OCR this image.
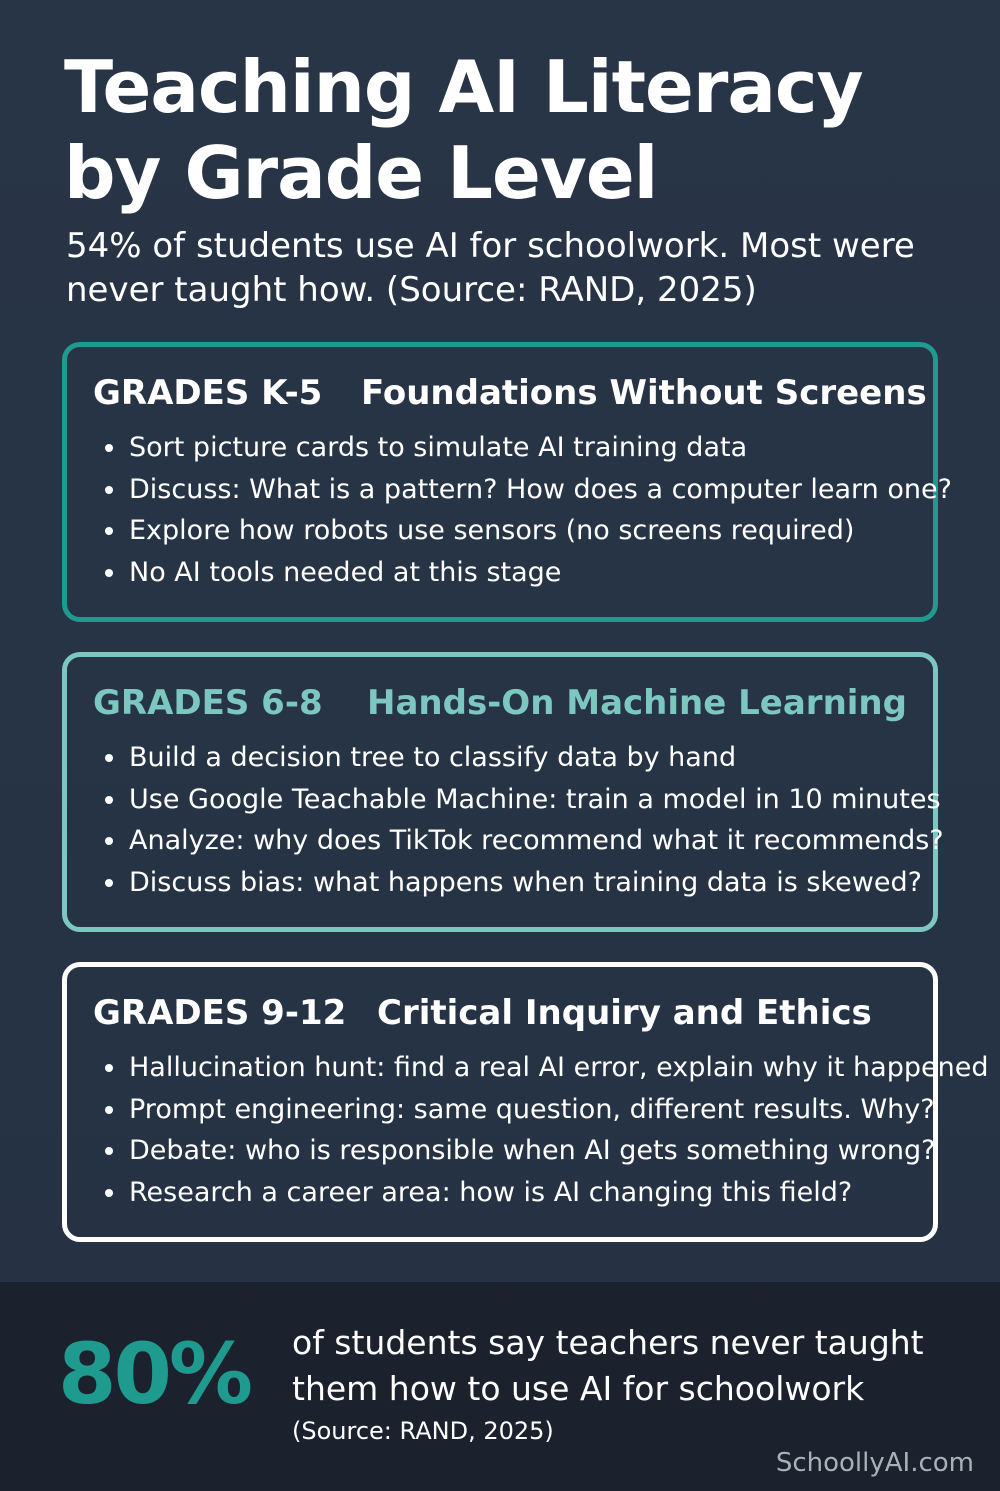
Teaching AI Literacy by Grade Level

54% of students use AI for schoolwork. Most were never taught how. (Source: RAND, 2025)

GRADES K-5	Foundations Without Screens
Sort picture cards to simulate AI training data
Discuss: What is a pattern? How does a computer learn one?
Explore how robots use sensors (no screens required)
No AI tools needed at this stage
GRADES 6-8	Hands-On Machine Learning
Build a decision tree to classify data by hand
Use Google Teachable Machine: train a model in 10 minutes
Analyze: why does TikTok recommend what it recommends?
Discuss bias: what happens when training data is skewed?
GRADES 9-12 Critical Inquiry and Ethics
Hallucination hunt: find a real AI error, explain why it happened
Prompt engineering: same question, different results. Why?
Debate: who is responsible when AI gets something wrong?
Research a career area: how is AI changing this field?
80% of students say teachers never taught them how to use AI for schoolwork
(Source: RAND, 2025)
SchoollyAI.com
